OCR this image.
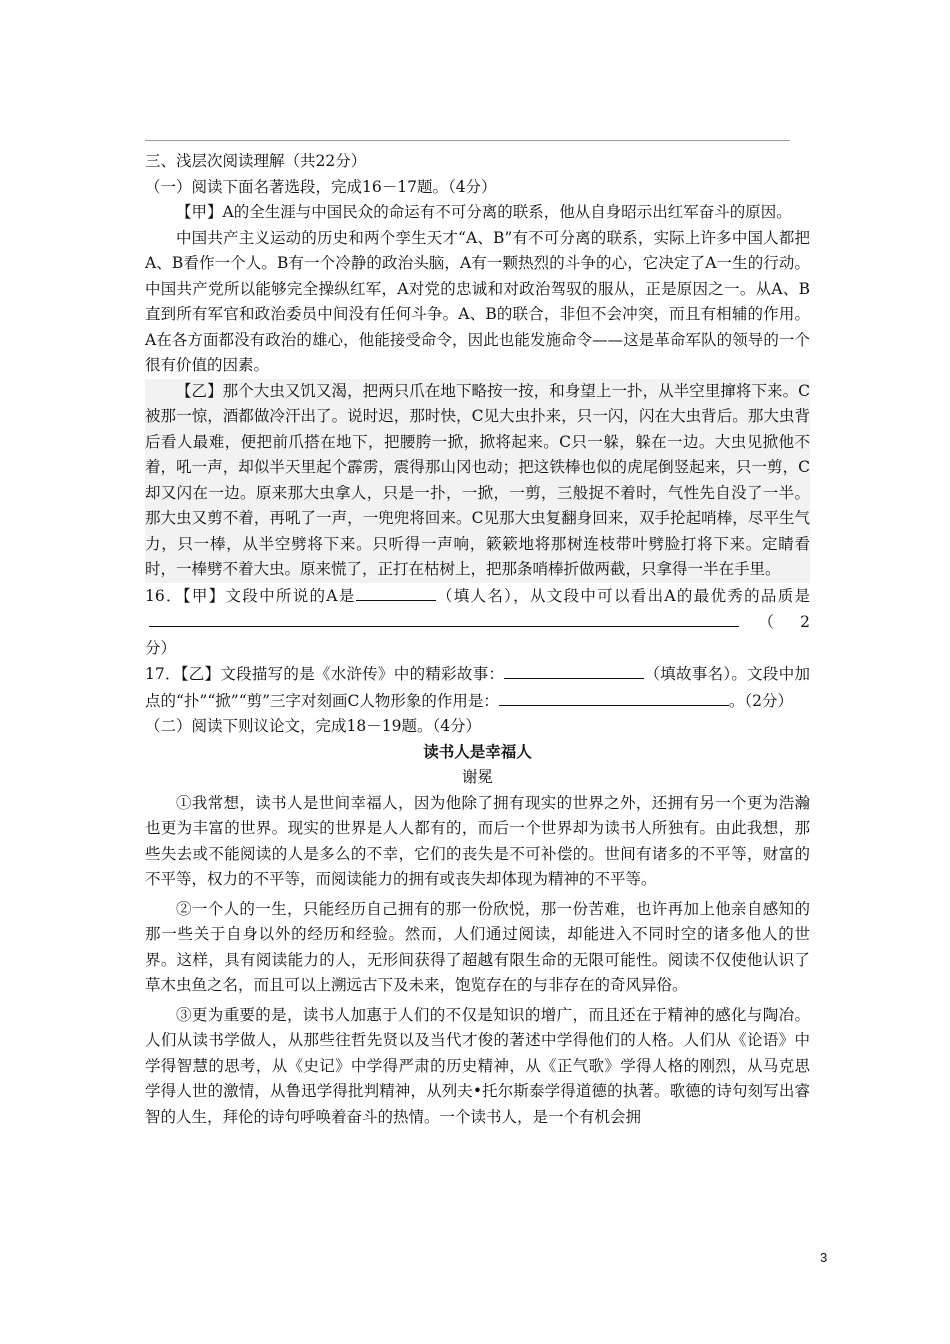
三、浅层次阅读理解（共22分）

（一）阅读下面名著选段，完成16－17题。（4分）

【甲】A的全生涯与中国民众的命运有不可分离的联系，他从自身昭示出红军奋斗的原因。

中国共产主义运动的历史和两个孪生天才“A、B”有不可分离的联系，实际上许多中国人都把A、B看作一个人。B有一个冷静的政治头脑，A有一颗热烈的斗争的心，它决定了A一生的行动。中国共产党所以能够完全操纵红军，A对党的忠诚和对政治驾驭的服从，正是原因之一。从A、B直到所有军官和政治委员中间没有任何斗争。A、B的联合，非但不会冲突，而且有相辅的作用。A在各方面都没有政治的雄心，他能接受命令，因此也能发施命令——这是革命军队的领导的一个很有价值的因素。

【乙】那个大虫又饥又渴，把两只爪在地下略按一按，和身望上一扑，从半空里撺将下来。C被那一惊，酒都做冷汗出了。说时迟，那时快，C见大虫扑来，只一闪，闪在大虫背后。那大虫背后看人最难，便把前爪搭在地下，把腰胯一掀，掀将起来。C只一躲，躲在一边。大虫见掀他不着，吼一声，却似半天里起个霹雳，震得那山冈也动；把这铁棒也似的虎尾倒竖起来，只一剪，C却又闪在一边。原来那大虫拿人，只是一扑，一掀，一剪，三般捉不着时，气性先自没了一半。那大虫又剪不着，再吼了一声，一兜兜将回来。C见那大虫复翻身回来，双手抡起哨棒，尽平生气力，只一棒，从半空劈将下来。只听得一声响，簌簌地将那树连枝带叶劈脸打将下来。定睛看时，一棒劈不着大虫。原来慌了，正打在枯树上，把那条哨棒折做两截，只拿得一半在手里。

16．【甲】文段中所说的A是	（填人名），从文段中可以看出A的最优秀的品质是（　2分）

17．【乙】文段描写的是《水浒传》中的精彩故事：	（填故事名）。文段中加点的“扑”“掀”“剪”三字对刻画C人物形象的作用是：	。（2分）

（二）阅读下则议论文，完成18－19题。（4分）

读书人是幸福人
谢冕

①我常想，读书人是世间幸福人，因为他除了拥有现实的世界之外，还拥有另一个更为浩瀚也更为丰富的世界。现实的世界是人人都有的，而后一个世界却为读书人所独有。由此我想，那些失去或不能阅读的人是多么的不幸，它们的丧失是不可补偿的。世间有诸多的不平等，财富的不平等，权力的不平等，而阅读能力的拥有或丧失却体现为精神的不平等。

②一个人的一生，只能经历自己拥有的那一份欣悦，那一份苦难，也许再加上他亲自感知的那一些关于自身以外的经历和经验。然而，人们通过阅读，却能进入不同时空的诸多他人的世界。这样，具有阅读能力的人，无形间获得了超越有限生命的无限可能性。阅读不仅使他认识了草木虫鱼之名，而且可以上溯远古下及未来，饱览存在的与非存在的奇风异俗。

③更为重要的是，读书人加惠于人们的不仅是知识的增广，而且还在于精神的感化与陶冶。人们从读书学做人，从那些往哲先贤以及当代才俊的著述中学得他们的人格。人们从《论语》中学得智慧的思考，从《史记》中学得严肃的历史精神，从《正气歌》学得人格的刚烈，从马克思学得人世的激情，从鲁迅学得批判精神，从列夫•托尔斯泰学得道德的执著。歌德的诗句刻写出睿智的人生，拜伦的诗句呼唤着奋斗的热情。一个读书人，是一个有机会拥

3
